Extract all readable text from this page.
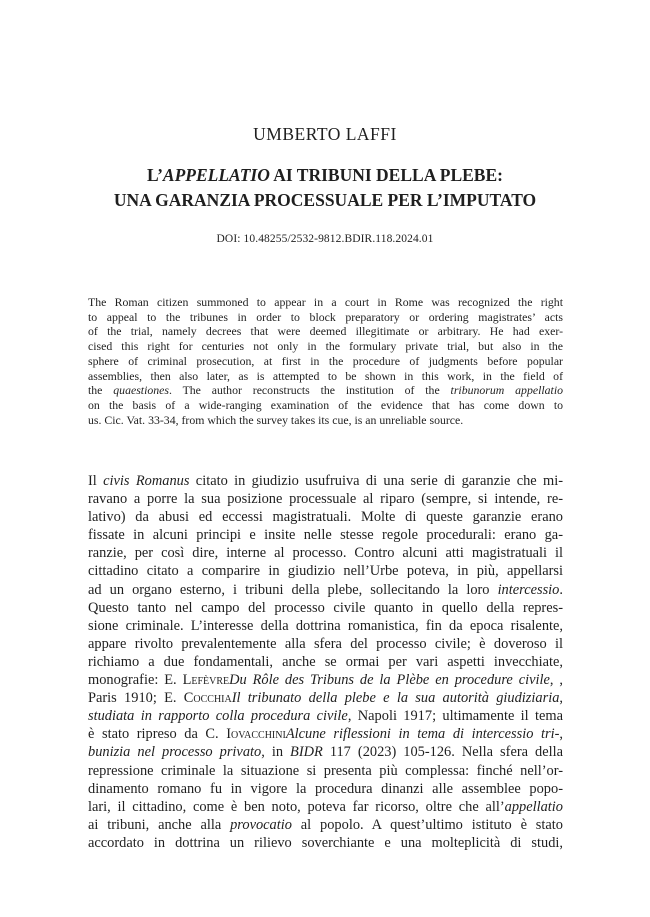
UMBERTO LAFFI
L’APPELLATIO AI TRIBUNI DELLA PLEBE:
UNA GARANZIA PROCESSUALE PER L’IMPUTATO
DOI: 10.48255/2532-9812.BDIR.118.2024.01
The Roman citizen summoned to appear in a court in Rome was recognized the right
to appeal to the tribunes in order to block preparatory or ordering magistrates’ acts
of the trial, namely decrees that were deemed illegitimate or arbitrary. He had exer-
cised this right for centuries not only in the formulary private trial, but also in the
sphere of criminal prosecution, at first in the procedure of judgments before popular
assemblies, then also later, as is attempted to be shown in this work, in the field of
the quaestiones. The author reconstructs the institution of the tribunorum appellatio
on the basis of a wide-ranging examination of the evidence that has come down to
us. Cic. Vat. 33-34, from which the survey takes its cue, is an unreliable source.
Il civis Romanus citato in giudizio usufruiva di una serie di garanzie che mi-
ravano a porre la sua posizione processuale al riparo (sempre, si intende, re-
lativo) da abusi ed eccessi magistratuali. Molte di queste garanzie erano
fissate in alcuni principi e insite nelle stesse regole procedurali: erano ga-
ranzie, per così dire, interne al processo. Contro alcuni atti magistratuali il
cittadino citato a comparire in giudizio nell’Urbe poteva, in più, appellarsi
ad un organo esterno, i tribuni della plebe, sollecitando la loro intercessio.
Questo tanto nel campo del processo civile quanto in quello della repres-
sione criminale. L’interesse della dottrina romanistica, fin da epoca risalente,
appare rivolto prevalentemente alla sfera del processo civile; è doveroso il
richiamo a due fondamentali, anche se ormai per vari aspetti invecchiate,
monografie: E. LefèvreDu Rôle des Tribuns de la Plèbe en procedure civile, ,
Paris 1910; E. CocchiaIl tribunato della plebe e la sua autorità giudiziaria,
studiata in rapporto colla procedura civile, Napoli 1917; ultimamente il tema
è stato ripreso da C. IovacchiniAlcune riflessioni in tema di intercessio tri-,
bunizia nel processo privato, in BIDR 117 (2023) 105-126. Nella sfera della
repressione criminale la situazione si presenta più complessa: finché nell’or-
dinamento romano fu in vigore la procedura dinanzi alle assemblee popo-
lari, il cittadino, come è ben noto, poteva far ricorso, oltre che all’appellatio
ai tribuni, anche alla provocatio al popolo. A quest’ultimo istituto è stato
accordato in dottrina un rilievo soverchiante e una molteplicità di studi,
